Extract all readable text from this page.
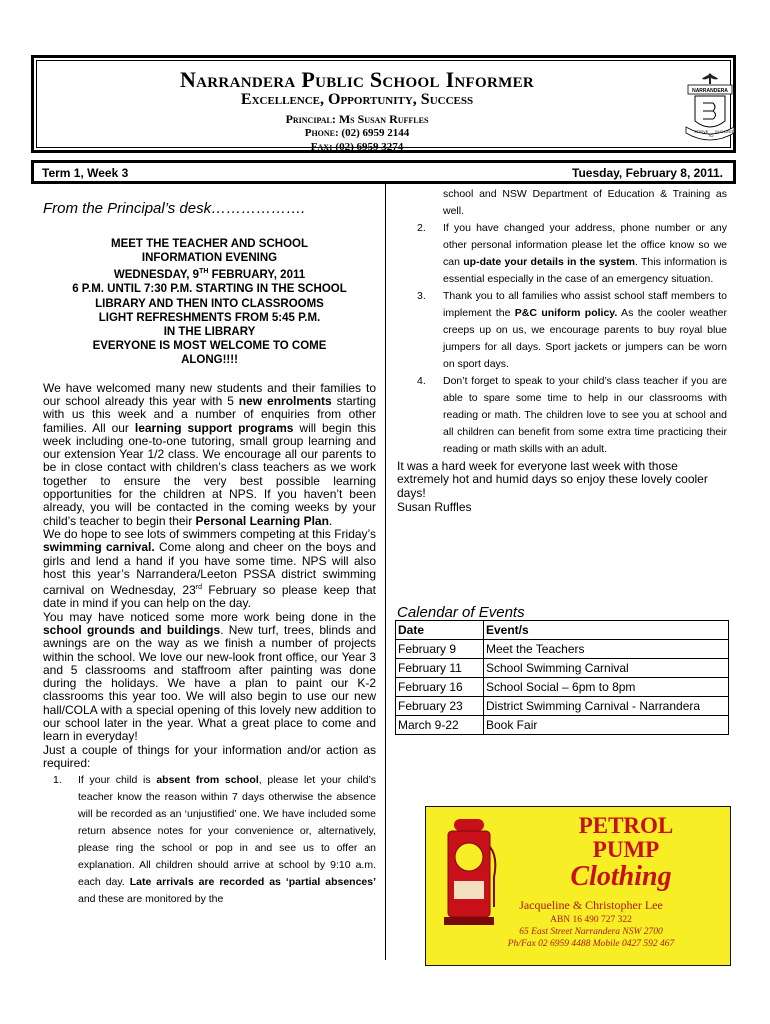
Narrandera Public School Informer
Excellence, Opportunity, Success
Principal: Ms Susan Ruffles
Phone: (02) 6959 2144
Fax: (02) 6959 3274
NARRANDERA
STRIVE
TO
SUCCEED
Term 1, Week 3	Tuesday, February 8, 2011.
From the Principal’s desk……………….
MEET THE TEACHER AND SCHOOL
INFORMATION EVENING
WEDNESDAY, 9TH FEBRUARY, 2011
6 P.M. UNTIL 7:30 P.M. STARTING IN THE SCHOOL
LIBRARY AND THEN INTO CLASSROOMS
LIGHT REFRESHMENTS FROM 5:45 P.M.
IN THE LIBRARY
EVERYONE IS MOST WELCOME TO COME
ALONG!!!!

We have welcomed many new students and their families to our school already this year with 5 new enrolments starting with us this week and a number of enquiries from other families. All our learning support programs will begin this week including one-to-one tutoring, small group learning and our extension Year 1/2 class. We encourage all our parents to be in close contact with children’s class teachers as we work together to ensure the very best possible learning opportunities for the children at NPS. If you haven’t been already, you will be contacted in the coming weeks by your child’s teacher to begin their Personal Learning Plan.

We do hope to see lots of swimmers competing at this Friday’s swimming carnival. Come along and cheer on the boys and girls and lend a hand if you have some time. NPS will also host this year’s Narrandera/Leeton PSSA district swimming carnival on Wednesday, 23rd February so please keep that date in mind if you can help on the day.

You may have noticed some more work being done in the school grounds and buildings. New turf, trees, blinds and awnings are on the way as we finish a number of projects within the school. We love our new-look front office, our Year 3 and 5 classrooms and staffroom after painting was done during the holidays. We have a plan to paint our K-2 classrooms this year too. We will also begin to use our new hall/COLA with a special opening of this lovely new addition to our school later in the year. What a great place to come and learn in everyday!

Just a couple of things for your information and/or action as required:

1. If your child is absent from school, please let your child’s teacher know the reason within 7 days otherwise the absence will be recorded as an ‘unjustified’ one. We have included some return absence notes for your convenience or, alternatively, please ring the school or pop in and see us to offer an explanation. All children should arrive at school by 9:10 a.m. each day. Late arrivals are recorded as ‘partial absences’ and these are monitored by the
school and NSW Department of Education & Training as well.
2. If you have changed your address, phone number or any other personal information please let the office know so we can up-date your details in the system. This information is essential especially in the case of an emergency situation.
3. Thank you to all families who assist school staff members to implement the P&C uniform policy. As the cooler weather creeps up on us, we encourage parents to buy royal blue jumpers for all days. Sport jackets or jumpers can be worn on sport days.
4. Don’t forget to speak to your child’s class teacher if you are able to spare some time to help in our classrooms with reading or math. The children love to see you at school and all children can benefit from some extra time practicing their reading or math skills with an adult.

It was a hard week for everyone last week with those extremely hot and humid days so enjoy these lovely cooler days!

Susan Ruffles

Calendar of Events
Date	Event/s
February 9	Meet the Teachers
February 11	School Swimming Carnival
February 16	School Social – 6pm to 8pm
February 23	District Swimming Carnival - Narrandera
March 9-22	Book Fair
PETROL
PUMP
Clothing
Jacqueline & Christopher Lee
ABN 16 490 727 322
65 East Street Narrandera NSW 2700
Ph/Fax 02 6959 4488 Mobile 0427 592 467
